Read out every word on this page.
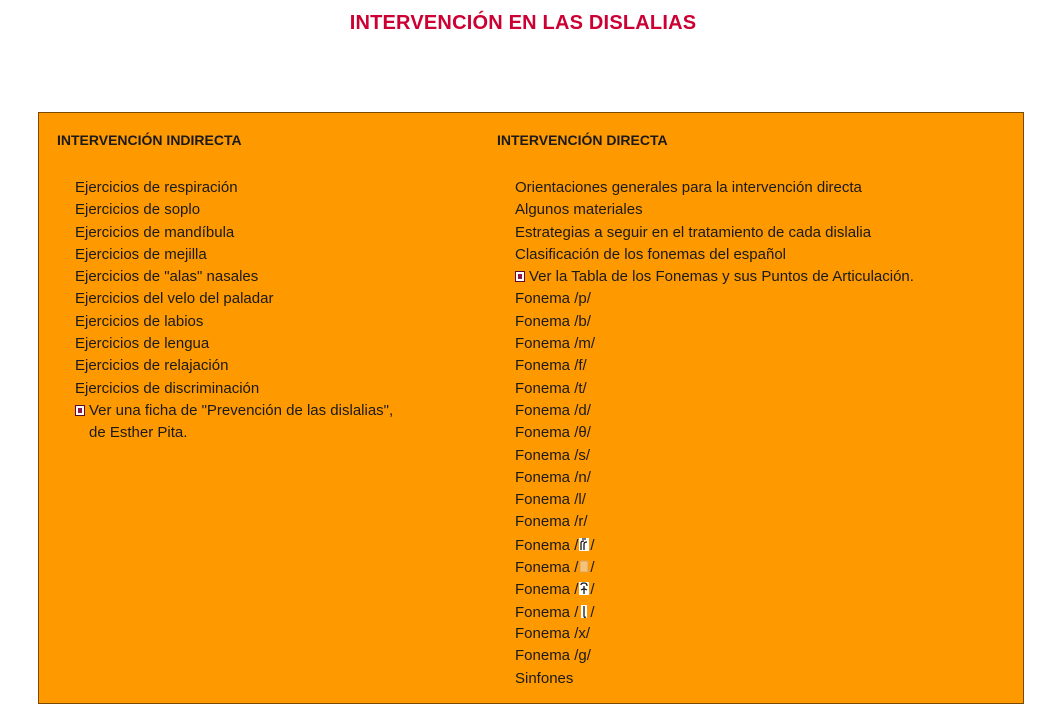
INTERVENCIÓN EN LAS DISLALIAS
INTERVENCIÓN INDIRECTA
Ejercicios de respiración
Ejercicios de soplo
Ejercicios de mandíbula
Ejercicios de mejilla
Ejercicios de "alas" nasales
Ejercicios del velo del paladar
Ejercicios de labios
Ejercicios de lengua
Ejercicios de relajación
Ejercicios de discriminación
Ver una ficha de "Prevención de las dislalias",
de Esther Pita.
INTERVENCIÓN DIRECTA
Orientaciones generales para la intervención directa
Algunos materiales
Estrategias a seguir en el tratamiento de cada dislalia
Clasificación de los fonemas del español
Ver la Tabla de los Fonemas y sus Puntos de Articulación.
Fonema /p/
Fonema /b/
Fonema /m/
Fonema /f/
Fonema /t/
Fonema /d/
Fonema /θ/
Fonema /s/
Fonema /n/
Fonema /l/
Fonema /r/
Fonema / /
Fonema / /
Fonema / /
Fonema / /
Fonema /x/
Fonema /g/
Sinfones
